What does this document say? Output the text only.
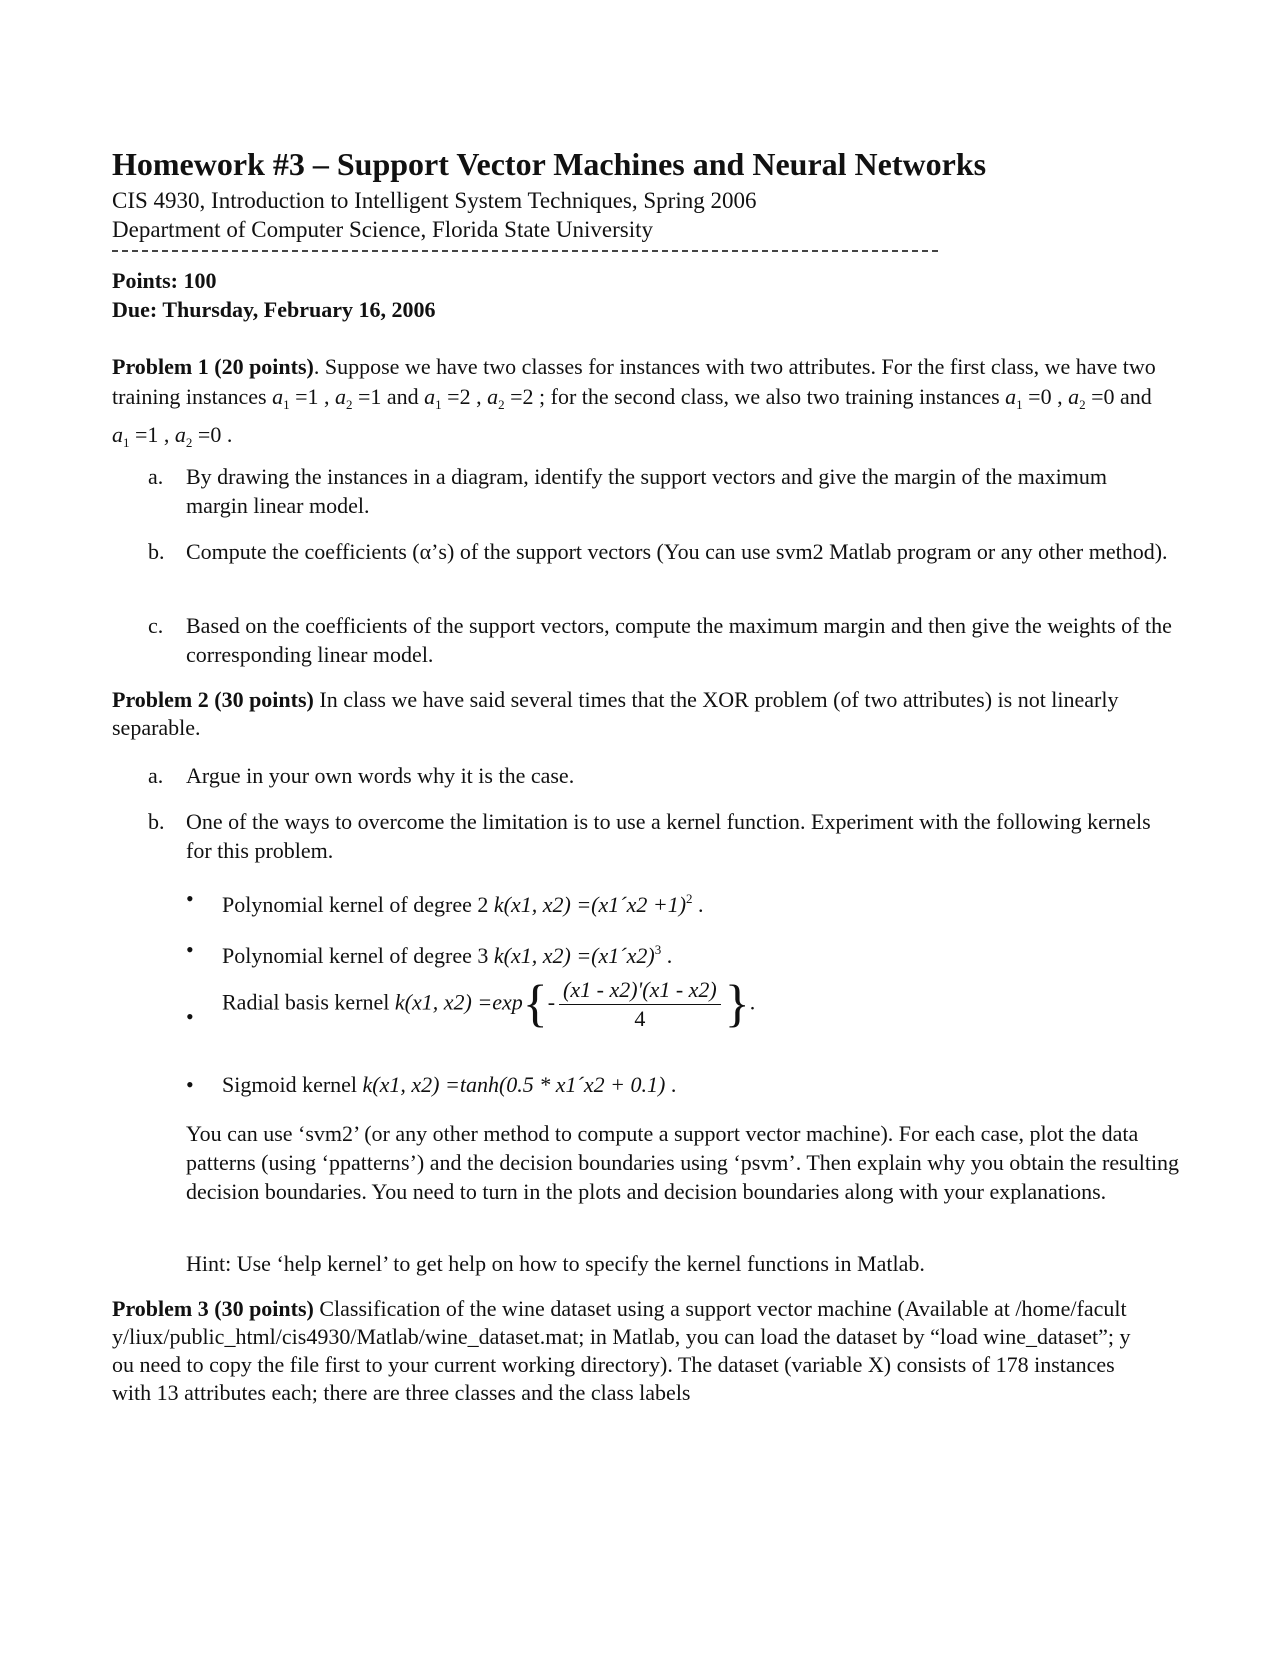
Homework #3 – Support Vector Machines and Neural Networks
CIS 4930, Introduction to Intelligent System Techniques, Spring 2006
Department of Computer Science, Florida State University
Points: 100
Due: Thursday, February 16, 2006
Problem 1 (20 points). Suppose we have two classes for instances with two attributes. For the first class, we have two training instances $a_1 =1$ , $a_2 =1$ and $a_1 =2$ , $a_2 =2$ ; for the second class, we also two training instances $a_1 =0$ , $a_2 =0$ and $a_1 =1$ , $a_2 =0$ .
a. By drawing the instances in a diagram, identify the support vectors and give the margin of the maximum margin linear model.
b. Compute the coefficients (α’s) of the support vectors (You can use svm2 Matlab program or any other method).
c. Based on the coefficients of the support vectors, compute the maximum margin and then give the weights of the corresponding linear model.
Problem 2 (30 points) In class we have said several times that the XOR problem (of two attributes) is not linearly separable.
a. Argue in your own words why it is the case.
b. One of the ways to overcome the limitation is to use a kernel function. Experiment with the following kernels for this problem.
• Polynomial kernel of degree 2 k(x1, x2) =(x1´x2 +1)$^2$ .
• Polynomial kernel of degree 3 k(x1, x2) =(x1´x2)$^3$ .
•
Radial basis kernel k(x1, $x2) =\exp\{- \frac{(x1 - x2)'(x1 - x2)}{4}$ }.
• Sigmoid kernel k(x1, x2) =tanh(0.5 * x1´x2 + 0.1) .
You can use ‘svm2’ (or any other method to compute a support vector machine). For each case, plot the data patterns (using ‘ppatterns’) and the decision boundaries using ‘psvm’. Then explain why you obtain the resulting decision boundaries. You need to turn in the plots and decision boundaries along with your explanations.
Hint: Use ‘help kernel’ to get help on how to specify the kernel functions in Matlab.
Problem 3 (30 points) Classification of the wine dataset using a support vector machine (Available at /home/faculty/liux/public_html/cis4930/Matlab/wine_dataset.mat; in Matlab, you can load the dataset by “load wine_dataset”; you need to copy the file first to your current working directory). The dataset (variable X) consists of 178 instances with 13 attributes each; there are three classes and the class labels
